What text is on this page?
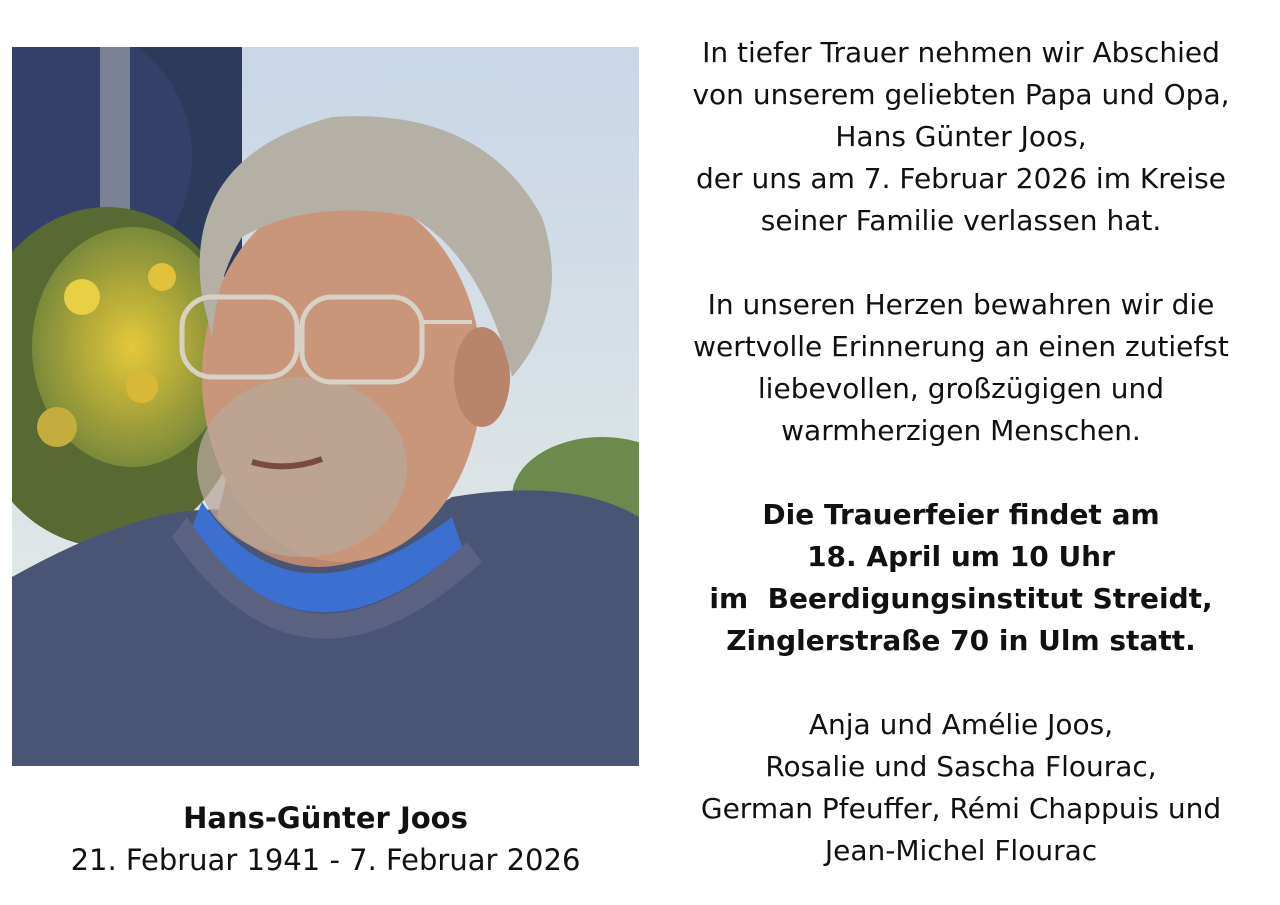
Hans-Günter Joos

21. Februar 1941 - 7. Februar 2026

In tiefer Trauer nehmen wir Abschied
von unserem geliebten Papa und Opa,
Hans Günter Joos,
der uns am 7. Februar 2026 im Kreise
seiner Familie verlassen hat.

In unseren Herzen bewahren wir die
wertvolle Erinnerung an einen zutiefst
liebevollen, großzügigen und
warmherzigen Menschen.

Die Trauerfeier findet am
18. April um 10 Uhr
im  Beerdigungsinstitut Streidt,
Zinglerstraße 70 in Ulm statt.

Anja und Amélie Joos,
Rosalie und Sascha Flourac,
German Pfeuffer, Rémi Chappuis und
Jean-Michel Flourac
